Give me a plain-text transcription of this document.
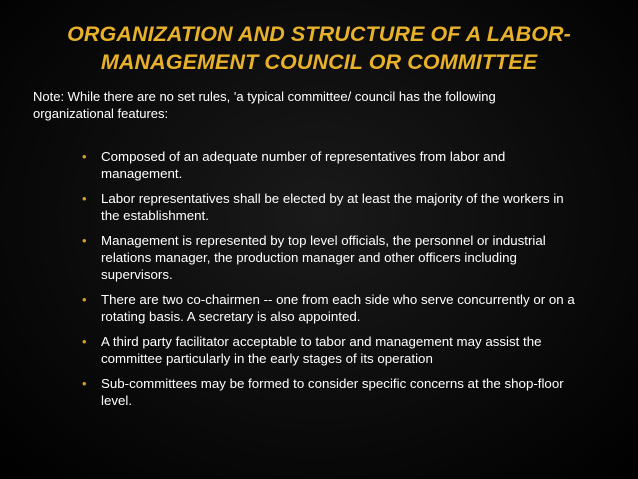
ORGANIZATION AND STRUCTURE OF A LABOR-
MANAGEMENT COUNCIL OR COMMITTEE
Note: While there are no set rules, 'a typical committee/ council has the following
organizational features:
• Composed of an adequate number of representatives from labor and
management.
• Labor representatives shall be elected by at least the majority of the workers in
the establishment.
• Management is represented by top level officials, the personnel or industrial
relations manager, the production manager and other officers including
supervisors.
• There are two co-chairmen -- one from each side who serve concurrently or on a
rotating basis. A secretary is also appointed.
• A third party facilitator acceptable to tabor and management may assist the
committee particularly in the early stages of its operation
• Sub-committees may be formed to consider specific concerns at the shop-floor
level.
